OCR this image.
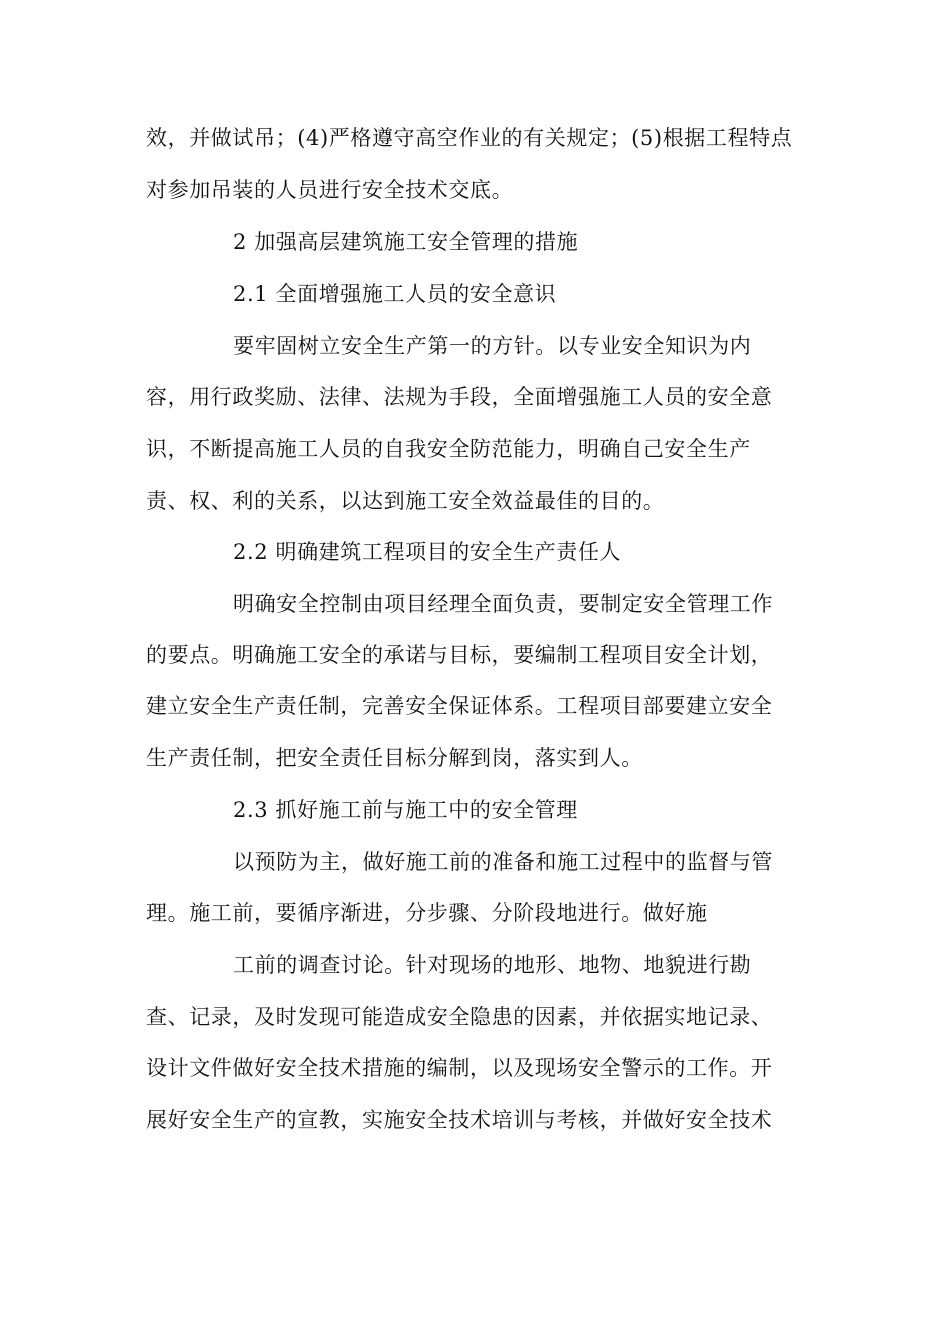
效，并做试吊；(4)严格遵守高空作业的有关规定；(5)根据工程特点
对参加吊装的人员进行安全技术交底。
2 加强高层建筑施工安全管理的措施
2.1 全面增强施工人员的安全意识
要牢固树立安全生产第一的方针。以专业安全知识为内
容，用行政奖励、法律、法规为手段，全面增强施工人员的安全意
识，不断提高施工人员的自我安全防范能力，明确自己安全生产
责、权、利的关系，以达到施工安全效益最佳的目的。
2.2 明确建筑工程项目的安全生产责任人
明确安全控制由项目经理全面负责，要制定安全管理工作
的要点。明确施工安全的承诺与目标，要编制工程项目安全计划，
建立安全生产责任制，完善安全保证体系。工程项目部要建立安全
生产责任制，把安全责任目标分解到岗，落实到人。
2.3 抓好施工前与施工中的安全管理
以预防为主，做好施工前的准备和施工过程中的监督与管
理。施工前，要循序渐进，分步骤、分阶段地进行。做好施
工前的调查讨论。针对现场的地形、地物、地貌进行勘
查、记录，及时发现可能造成安全隐患的因素，并依据实地记录、
设计文件做好安全技术措施的编制，以及现场安全警示的工作。开
展好安全生产的宣教，实施安全技术培训与考核，并做好安全技术
